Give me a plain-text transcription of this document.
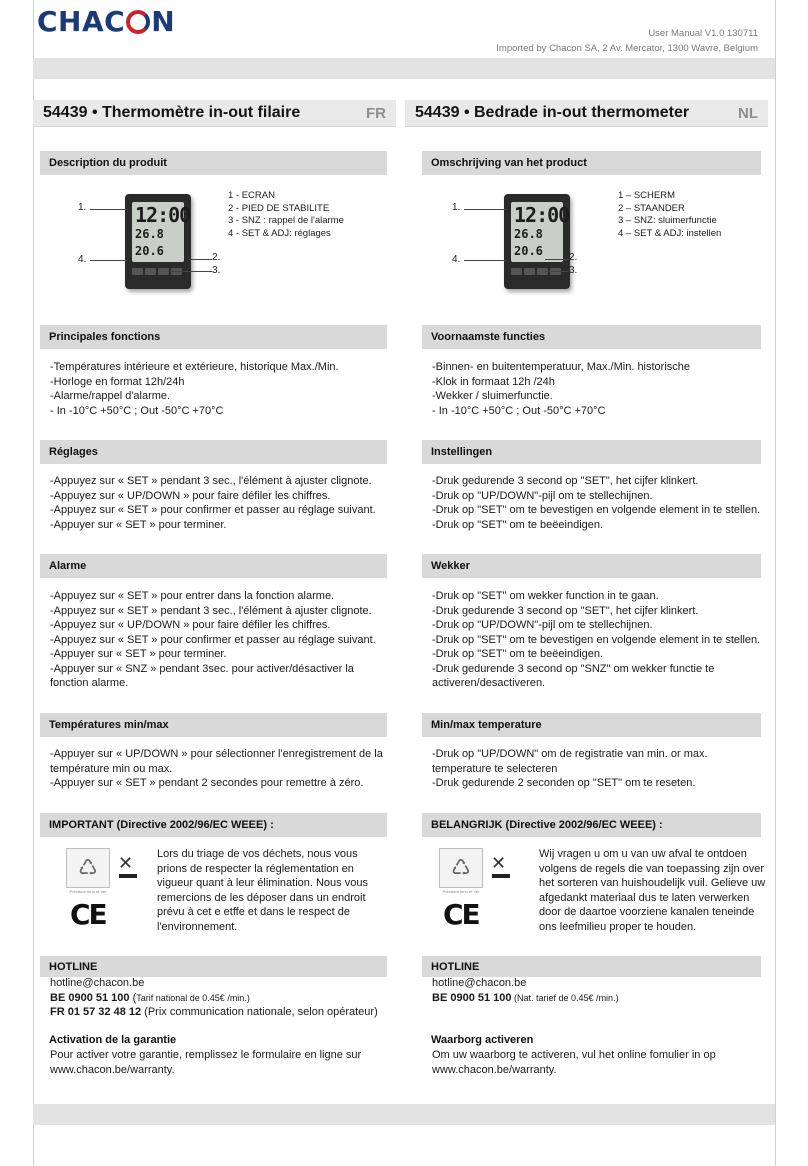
CHAC N	User Manual V1.0 130711
Imported by Chacon SA, 2 Av. Mercator, 1300 Wavre, Belgium
54439 • Thermomètre in-out filaire	FR 54439 • Bedrade in-out thermometer	NL
Description du produit
12:00
26.8
20.6
1.
2.
3.
4.
1 - ECRAN
2 - PIED DE STABILITE
3 - SNZ : rappel de l'alarme
4 - SET & ADJ: réglages
Principales fonctions
-Températures intérieure et extérieure, historique Max./Min.
-Horloge en format 12h/24h
-Alarme/rappel d'alarme.
- In -10°C +50°C ; Out -50°C +70°C
Réglages
-Appuyez sur « SET » pendant 3 sec., l'élément à ajuster clignote.
-Appuyez sur « UP/DOWN » pour faire défiler les chiffres.
-Appuyez sur « SET » pour confirmer et passer au réglage suivant.
-Appuyer sur « SET » pour terminer.
Alarme
-Appuyez sur « SET » pour entrer dans la fonction alarme.
-Appuyez sur « SET » pendant 3 sec., l'élément à ajuster clignote.
-Appuyez sur « UP/DOWN » pour faire défiler les chiffres.
-Appuyez sur « SET » pour confirmer et passer au réglage suivant.
-Appuyer sur « SET » pour terminer.
-Appuyer sur « SNZ » pendant 3sec. pour activer/désactiver la fonction alarme.
Températures min/max
-Appuyer sur « UP/DOWN » pour sélectionner l'enregistrement de la température min ou max.
-Appuyer sur « SET » pendant 2 secondes pour remettre à zéro.
IMPORTANT (Directive 2002/96/EC WEEE) :
♺
Précision tenu et Ver
✕
CE
Lors du triage de vos déchets, nous vous prions de respecter la réglementation en vigueur quant à leur élimination. Nous vous remercions de les déposer dans un endroit prévu à cet e etffe et dans le respect de l'environnement.
HOTLINE
hotline@chacon.be
BE 0900 51 100 (Tarif national de 0.45€ /min.)
FR 01 57 32 48 12 (Prix communication nationale, selon opérateur)
Activation de la garantie
Pour activer votre garantie, remplissez le formulaire en ligne sur www.chacon.be/warranty.
Omschrijving van het product
12:00
26.8
20.6
1.
2.
3.
4.
1 – SCHERM
2 – STAANDER
3 – SNZ: sluimerfunctie
4 – SET & ADJ: instellen
Voornaamste functies
-Binnen- en buitentemperatuur, Max./Min. historische
-Klok in formaat 12h /24h
-Wekker / sluimerfunctie.
- In -10°C +50°C ; Out -50°C +70°C
Instellingen
-Druk gedurende 3 second op "SET", het cijfer klinkert.
-Druk op "UP/DOWN"-pijl om te stellechijnen.
-Druk op "SET" om te bevestigen en volgende element in te stellen.
-Druk op "SET" om te beëeindigen.
Wekker
-Druk op "SET" om wekker function in te gaan.
-Druk gedurende 3 second op "SET", het cijfer klinkert.
-Druk op "UP/DOWN"-pijl om te stellechijnen.
-Druk op "SET" om te bevestigen en volgende element in te stellen.
-Druk op "SET" om te beëeindigen.
-Druk gedurende 3 second op "SNZ" om wekker functie te activeren/desactiveren.
Min/max temperature
-Druk op "UP/DOWN" om de registratie van min. or max. temperature te selecteren
-Druk gedurende 2 seconden op "SET" om te reseten.
BELANGRIJK (Directive 2002/96/EC WEEE) :
♺
Précision tenu et Ver
✕
CE
Wij vragen u om u van uw afval te ontdoen volgens de regels die van toepassing zijn over het sorteren van huishoudelijk vuil. Gelieve uw afgedankt materiaal dus te laten verwerken door de daartoe voorziene kanalen teneinde ons leefmilieu proper te houden.
HOTLINE
hotline@chacon.be
BE 0900 51 100 (Nat. tarief de 0.45€ /min.)
Waarborg activeren
Om uw waarborg te activeren, vul het online fomulier in op www.chacon.be/warranty.
